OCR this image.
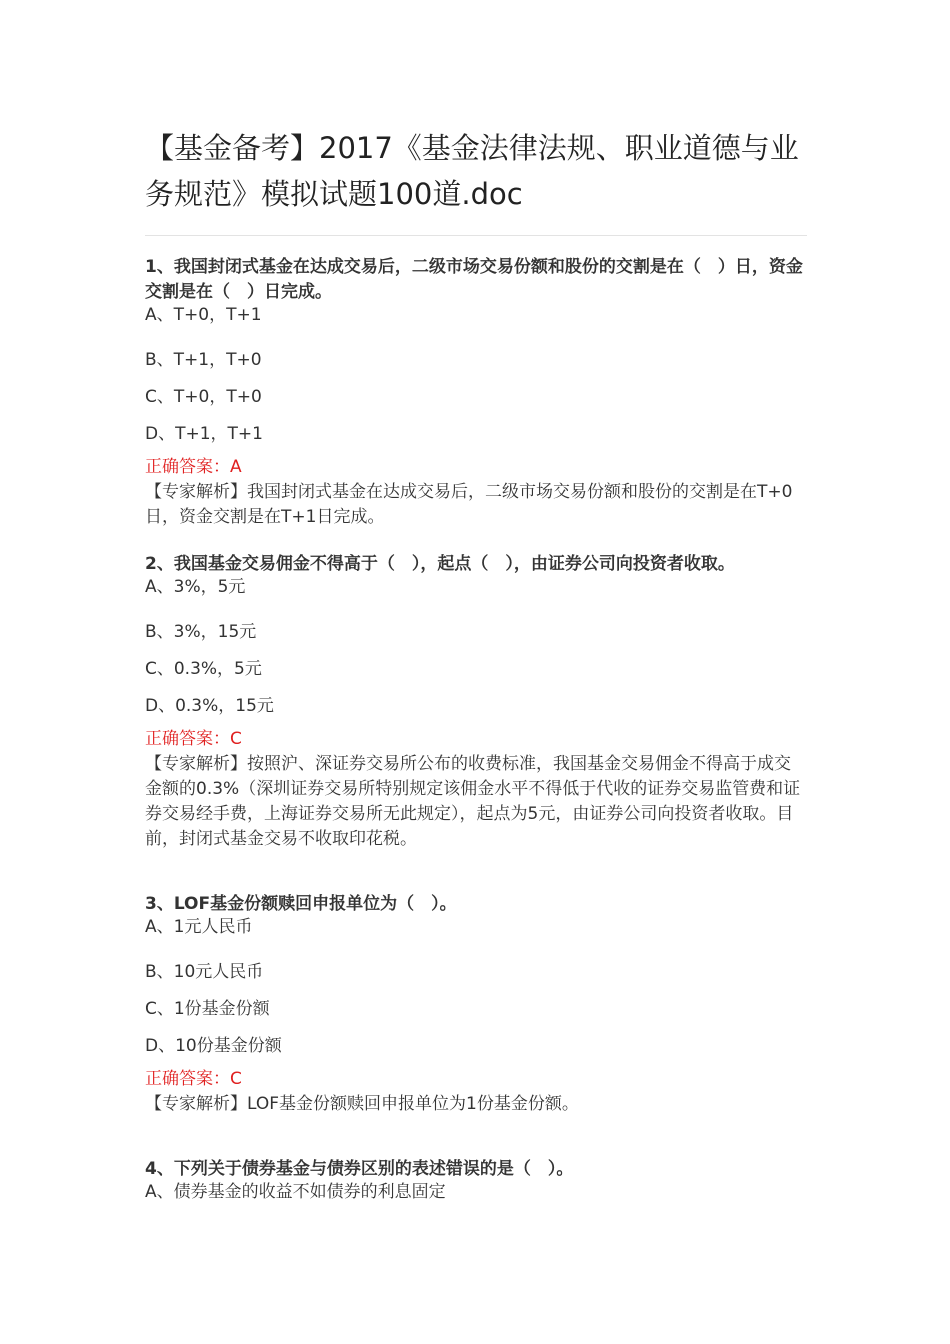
【基金备考】2017《基金法律法规、职业道德与业务规范》模拟试题100道.doc

1、我国封闭式基金在达成交易后，二级市场交易份额和股份的交割是在（　）日，资金交割是在（　）日完成。

A、T+0，T+1
B、T+1，T+0
C、T+0，T+0
D、T+1，T+1
正确答案：A

【专家解析】我国封闭式基金在达成交易后，二级市场交易份额和股份的交割是在T+0日，资金交割是在T+1日完成。

2、我国基金交易佣金不得高于（　），起点（　），由证券公司向投资者收取。

A、3%，5元
B、3%，15元
C、0.3%，5元
D、0.3%，15元
正确答案：C

【专家解析】按照沪、深证券交易所公布的收费标准，我国基金交易佣金不得高于成交金额的0.3%（深圳证券交易所特别规定该佣金水平不得低于代收的证券交易监管费和证券交易经手费，上海证券交易所无此规定），起点为5元，由证券公司向投资者收取。目前，封闭式基金交易不收取印花税。

3、LOF基金份额赎回申报单位为（　）。

A、1元人民币
B、10元人民币
C、1份基金份额
D、10份基金份额
正确答案：C

【专家解析】LOF基金份额赎回申报单位为1份基金份额。

4、下列关于债券基金与债券区别的表述错误的是（　）。

A、债券基金的收益不如债券的利息固定
